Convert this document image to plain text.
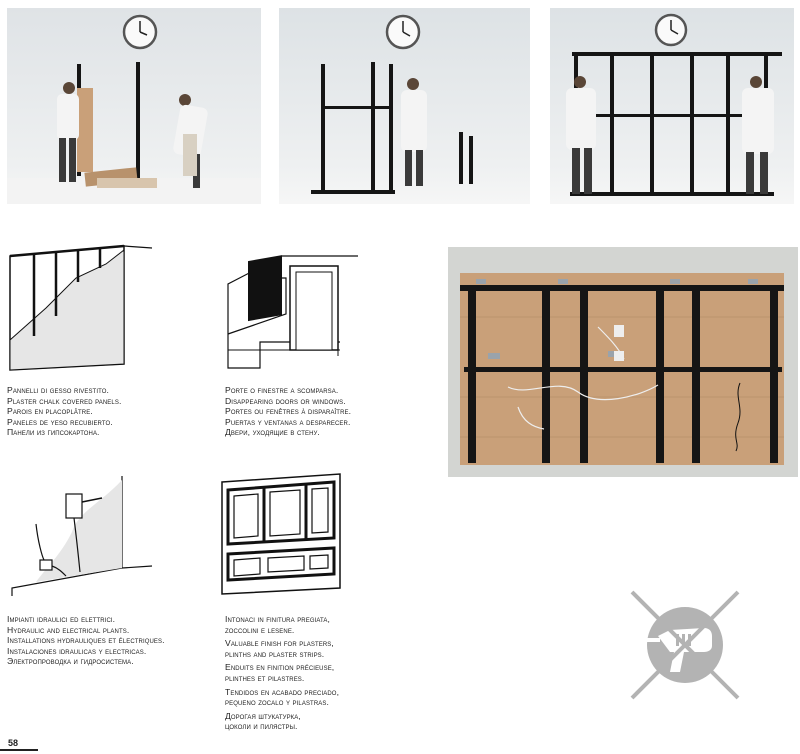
Pannelli di gesso rivestito.
Plaster chalk covered panels.
Parois en placoplâtre.
Paneles de yeso recubierto.
Панели из гипсокартона.
Porte o finestre a scomparsa.
Disappearing doors or windows.
Portes ou fenêtres à disparaître.
Puertas y ventanas a desparecer.
Двери, уходящие в стену.
Impianti idraulici ed elettrici.
Hydraulic and electrical plants.
Installations hydrauliques et électriques.
Instalaciones idraulicas y electricas.
Электропроводка и гидросистема.
Intonaci in finitura pregiata,
zoccolini e lesene.
Valuable finish for plasters,
plinths and plaster strips.
Enduits en finition précieuse,
plinthes et pilastres.
Tendidos en acabado preciado,
pequeno zocalo y pilastras.
Дорогая штукатурка,
цоколи и пилястры.
58
